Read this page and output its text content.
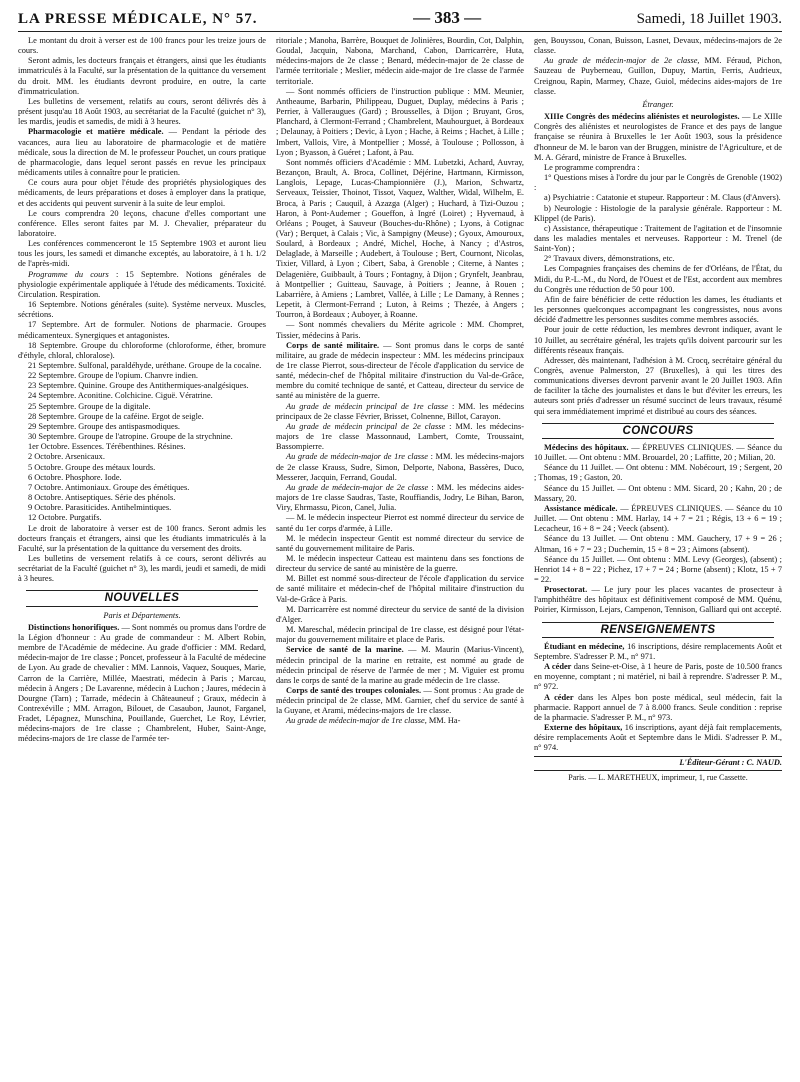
LA PRESSE MÉDICALE, N° 57.	— 383 —	Samedi, 18 Juillet 1903.

Le montant du droit à verser est de 100 francs pour les treize jours de cours.

Seront admis, les docteurs français et étrangers, ainsi que les étudiants immatriculés à la Faculté, sur la présentation de la quittance du versement du droit. MM. les étudiants devront produire, en outre, la carte d'immatriculation.

Les bulletins de versement, relatifs au cours, seront délivrés dès à présent jusqu'au 18 Août 1903, au secrétariat de la Faculté (guichet n° 3), les mardis, jeudis et samedis, de midi à 3 heures.

Pharmacologie et matière médicale. — Pendant la période des vacances, aura lieu au laboratoire de pharmacologie et de matière médicale, sous la direction de M. le professeur Pouchet, un cours pratique de pharmacologie, dans lequel seront passés en revue les principaux médicaments utiles à connaître pour le praticien.

Ce cours aura pour objet l'étude des propriétés physiologiques des médicaments, de leurs préparations et doses à employer dans la pratique, et des accidents qui peuvent survenir à la suite de leur emploi.

Le cours comprendra 20 leçons, chacune d'elles comportant une conférence. Elles seront faites par M. J. Chevalier, préparateur du laboratoire.

Les conférences commenceront le 15 Septembre 1903 et auront lieu tous les jours, les samedi et dimanche exceptés, au laboratoire, à 1 h. 1/2 de l'après-midi.

Programme du cours : 15 Septembre. Notions générales de physiologie expérimentale appliquée à l'étude des médicaments. Toxicité. Circulation. Respiration.

16 Septembre. Notions générales (suite). Système nerveux. Muscles, sécrétions.

17 Septembre. Art de formuler. Notions de pharmacie. Groupes médicamenteux. Synergiques et antagonistes.

18 Septembre. Groupe du chloroforme (chloroforme, éther, bromure d'éthyle, chloral, chloralose).

21 Septembre. Sulfonal, paraldéhyde, uréthane. Groupe de la cocaïne.

22 Septembre. Groupe de l'opium. Chanvre indien.

23 Septembre. Quinine. Groupe des Antithermiques-analgésiques.

24 Septembre. Aconitine. Colchicine. Ciguë. Vératrine.

25 Septembre. Groupe de la digitale.

28 Septembre. Groupe de la caféine. Ergot de seigle.

29 Septembre. Groupe des antispasmodiques.

30 Septembre. Groupe de l'atropine. Groupe de la strychnine.

1er Octobre. Essences. Térébenthines. Résines.

2 Octobre. Arsenicaux.

5 Octobre. Groupe des métaux lourds.

6 Octobre. Phosphore. Iode.

7 Octobre. Antimoniaux. Groupe des émétiques.

8 Octobre. Antiseptiques. Série des phénols.

9 Octobre. Parasiticides. Antihelmintiques.

12 Octobre. Purgatifs.

Le droit de laboratoire à verser est de 100 francs. Seront admis les docteurs français et étrangers, ainsi que les étudiants immatriculés à la Faculté, sur la présentation de la quittance du versement des droits.

Les bulletins de versement relatifs à ce cours, seront délivrés au secrétariat de la Faculté (guichet n° 3), les mardi, jeudi et samedi, de midi à 3 heures.

NOUVELLES
Paris et Départements.

Distinctions honorifiques. — Sont nommés ou promus dans l'ordre de la Légion d'honneur : Au grade de commandeur : M. Albert Robin, membre de l'Académie de médecine. Au grade d'officier : MM. Redard, médecin-major de 1re classe ; Poncet, professeur à la Faculté de médecine de Lyon. Au grade de chevalier : MM. Lannois, Vaquez, Souques, Marie, Carron de la Carrière, Millée, Maestrati, médecin à Paris ; Marcau, médecin à Angers ; De Lavarenne, médecin à Luchon ; Jaures, médecin à Dourgne (Tarn) ; Tarrade, médecin à Châteauneuf ; Graux, médecin à Contrexéville ; MM. Arragon, Bilouet, de Casaubon, Jaunot, Farganel, Fradet, Lépagnez, Munschina, Pouillande, Guerchet, Le Roy, Lévrier, médecins-majors de 1re classe ; Chambrelent, Huber, Saint-Ange, médecins-majors de 1re classe de l'armée ter-

ritoriale ; Manoha, Barrère, Bouquet de Jolinières, Bourdin, Cot, Dalphin, Goudal, Jacquin, Nabona, Marchand, Cabon, Darricarrère, Huta, médecins-majors de 2e classe ; Benard, médecin-major de 2e classe de l'armée territoriale ; Meslier, médecin aide-major de 1re classe de l'armée territoriale.

— Sont nommés officiers de l'instruction publique : MM. Meunier, Antheaume, Barbarin, Philippeau, Duguet, Duplay, médecins à Paris ; Perrier, à Valleraugues (Gard) ; Brousselles, à Dijon ; Bruyant, Gros, Planchard, à Clermont-Ferrand ; Chambrelent, Mauhourguet, à Bordeaux ; Delaunay, à Poitiers ; Devic, à Lyon ; Hache, à Reims ; Hachet, à Lille ; Imbert, Vallois, Vire, à Montpellier ; Mossé, à Toulouse ; Pollosson, à Lyon ; Byasson, à Guéret ; Lafont, à Pau.

Sont nommés officiers d'Académie : MM. Lubetzki, Achard, Auvray, Bezançon, Brault, A. Broca, Collinet, Déjérine, Hartmann, Kirmisson, Langlois, Lepage, Lucas-Championnière (J.), Marion, Schwartz, Serveaux, Teissier, Thoinot, Tissot, Vaquez, Walther, Widal, Wilhelm, E. Broca, à Paris ; Cauquil, à Azazga (Alger) ; Huchard, à Tizi-Ouzou ; Haron, à Pont-Audemer ; Goueffon, à Ingré (Loiret) ; Hyvernaud, à Orléans ; Pouget, à Sauveur (Bouches-du-Rhône) ; Lyons, à Cotignac (Var) ; Berquet, à Calais ; Vic, à Sampigny (Meuse) ; Gyoux, Amouroux, Soulard, à Bordeaux ; André, Michel, Hoche, à Nancy ; d'Astros, Delaglade, à Marseille ; Audebert, à Toulouse ; Bert, Cournont, Nicolas, Tixier, Villard, à Lyon ; Cibert, Saba, à Grenoble ; Citerne, à Nantes ; Delagenière, Guibbault, à Tours ; Fontagny, à Dijon ; Grynfelt, Jeanbrau, à Montpellier ; Guitteau, Sauvage, à Poitiers ; Jeanne, à Rouen ; Labarrière, à Amiens ; Lambret, Vallée, à Lille ; Le Damany, à Rennes ; Lepetit, à Clermont-Ferrand ; Luton, à Reims ; Thezée, à Angers ; Tourron, à Bordeaux ; Auboyer, à Roanne.

— Sont nommés chevaliers du Mérite agricole : MM. Chompret, Tissier, médecins à Paris.

Corps de santé militaire. — Sont promus dans le corps de santé militaire, au grade de médecin inspecteur : MM. les médecins principaux de 1re classe Pierrot, sous-directeur de l'école d'application du service de santé, médecin-chef de l'hôpital militaire d'instruction du Val-de-Grâce, membre du comité technique de santé, et Catteau, directeur du service de santé au ministère de la guerre.

Au grade de médecin principal de 1re classe : MM. les médecins principaux de 2e classe Février, Brisset, Colnenne, Billot, Carayon.

Au grade de médecin principal de 2e classe : MM. les médecins-majors de 1re classe Massonnaud, Lambert, Comte, Troussaint, Bassompierre.

Au grade de médecin-major de 1re classe : MM. les médecins-majors de 2e classe Krauss, Sudre, Simon, Delporte, Nabona, Bassères, Duco, Messerer, Jacquin, Ferrand, Goudal.

Au grade de médecin-major de 2e classe : MM. les médecins aides-majors de 1re classe Saudras, Taste, Rouffiandis, Jodry, Le Bihan, Baron, Viry, Ehrmassu, Picon, Canel, Julia.

— M. le médecin inspecteur Pierrot est nommé directeur du service de santé du 1er corps d'armée, à Lille.

M. le médecin inspecteur Gentit est nommé directeur du service de santé du gouvernement militaire de Paris.

M. le médecin inspecteur Catteau est maintenu dans ses fonctions de directeur du service de santé au ministère de la guerre.

M. Billet est nommé sous-directeur de l'école d'application du service de santé militaire et médecin-chef de l'hôpital militaire d'instruction du Val-de-Grâce à Paris.

M. Darricarrère est nommé directeur du service de santé de la division d'Alger.

M. Mareschal, médecin principal de 1re classe, est désigné pour l'état-major du gouvernement militaire et place de Paris.

Service de santé de la marine. — M. Maurin (Marius-Vincent), médecin principal de la marine en retraite, est nommé au grade de médecin principal de réserve de l'armée de mer ; M. Viguier est promu dans le corps de santé de la marine au grade médecin de 1re classe.

Corps de santé des troupes coloniales. — Sont promus : Au grade de médecin principal de 2e classe, MM. Garnier, chef du service de santé à la Guyane, et Arami, médecins-majors de 1re classe.

Au grade de médecin-major de 1re classe, MM. Ha-

gen, Bouyssou, Conan, Buisson, Lasnet, Devaux, médecins-majors de 2e classe.

Au grade de médecin-major de 2e classe, MM. Féraud, Pichon, Sauzeau de Puyberneau, Guillon, Dupuy, Martin, Ferris, Audrieux, Creignou, Rapin, Marmey, Chaze, Guiol, médecins aides-majors de 1re classe.

Étranger.

XIIIe Congrès des médecins aliénistes et neurologistes. — Le XIIIe Congrès des aliénistes et neurologistes de France et des pays de langue française se réunira à Bruxelles le 1er Août 1903, sous la présidence d'honneur de M. le baron van der Bruggen, ministre de l'Agriculture, et de M. A. Gérard, ministre de France à Bruxelles.

Le programme comprendra :

1° Questions mises à l'ordre du jour par le Congrès de Grenoble (1902) :

a) Psychiatrie : Catatonie et stupeur. Rapporteur : M. Claus (d'Anvers).

b) Neurologie : Histologie de la paralysie générale. Rapporteur : M. Klippel (de Paris).

c) Assistance, thérapeutique : Traitement de l'agitation et de l'insomnie dans les maladies mentales et nerveuses. Rapporteur : M. Trenel (de Saint-Yon) ;

2° Travaux divers, démonstrations, etc.

Les Compagnies françaises des chemins de fer d'Orléans, de l'État, du Midi, du P.-L.-M., du Nord, de l'Ouest et de l'Est, accordent aux membres du Congrès une réduction de 50 pour 100.

Afin de faire bénéficier de cette réduction les dames, les étudiants et les personnes quelconques accompagnant les congressistes, nous avons décidé d'admettre les personnes susdites comme membres associés.

Pour jouir de cette réduction, les membres devront indiquer, avant le 10 Juillet, au secrétaire général, les trajets qu'ils doivent parcourir sur les différents réseaux français.

Adresser, dès maintenant, l'adhésion à M. Crocq, secrétaire général du Congrès, avenue Palmerston, 27 (Bruxelles), à qui les titres des communications diverses devront parvenir avant le 20 Juillet 1903. Afin de faciliter la tâche des journalistes et dans le but d'éviter les erreurs, les auteurs sont priés d'adresser un résumé succinct de leurs travaux, résumé qui sera immédiatement imprimé et distribué au cours des séances.

CONCOURS

Médecins des hôpitaux. — ÉPREUVES CLINIQUES. — Séance du 10 Juillet. — Ont obtenu : MM. Brouardel, 20 ; Laffitte, 20 ; Milian, 20.

Séance du 11 Juillet. — Ont obtenu : MM. Nobécourt, 19 ; Sergent, 20 ; Thomas, 19 ; Gaston, 20.

Séance du 15 Juillet. — Ont obtenu : MM. Sicard, 20 ; Kahn, 20 ; de Massary, 20.

Assistance médicale. — ÉPREUVES CLINIQUES. — Séance du 10 Juillet. — Ont obtenu : MM. Harlay, 14 + 7 = 21 ; Régis, 13 + 6 = 19 ; Lecacheur, 16 + 8 = 24 ; Veeck (absent).

Séance du 13 Juillet. — Ont obtenu : MM. Gauchery, 17 + 9 = 26 ; Altman, 16 + 7 = 23 ; Duchemin, 15 + 8 = 23 ; Aimons (absent).

Séance du 15 Juillet. — Ont obtenu : MM. Levy (Georges), (absent) ; Henriot 14 + 8 = 22 ; Pichez, 17 + 7 = 24 ; Borne (absent) ; Klotz, 15 + 7 = 22.

Prosectorat. — Le jury pour les places vacantes de prosecteur à l'amphithéâtre des hôpitaux est définitivement composé de MM. Quénu, Poirier, Kirmisson, Lejars, Campenon, Tennison, Galliard qui ont accepté.

RENSEIGNEMENTS

Étudiant en médecine, 16 inscriptions, désire remplacements Août et Septembre. S'adresser P. M., n° 971.

A céder dans Seine-et-Oise, à 1 heure de Paris, poste de 10.500 francs en moyenne, comptant ; ni matériel, ni bail à reprendre. S'adresser P. M., n° 972.

A céder dans les Alpes bon poste médical, seul médecin, fait la pharmacie. Rapport annuel de 7 à 8.000 francs. Seule condition : reprise de la pharmacie. S'adresser P. M., n° 973.

Externe des hôpitaux, 16 inscriptions, ayant déjà fait remplacements, désire remplacements Août et Septembre dans le Midi. S'adresser P. M., n° 974.

L'Éditeur-Gérant : C. NAUD.
Paris. — L. MARETHEUX, imprimeur, 1, rue Cassette.
